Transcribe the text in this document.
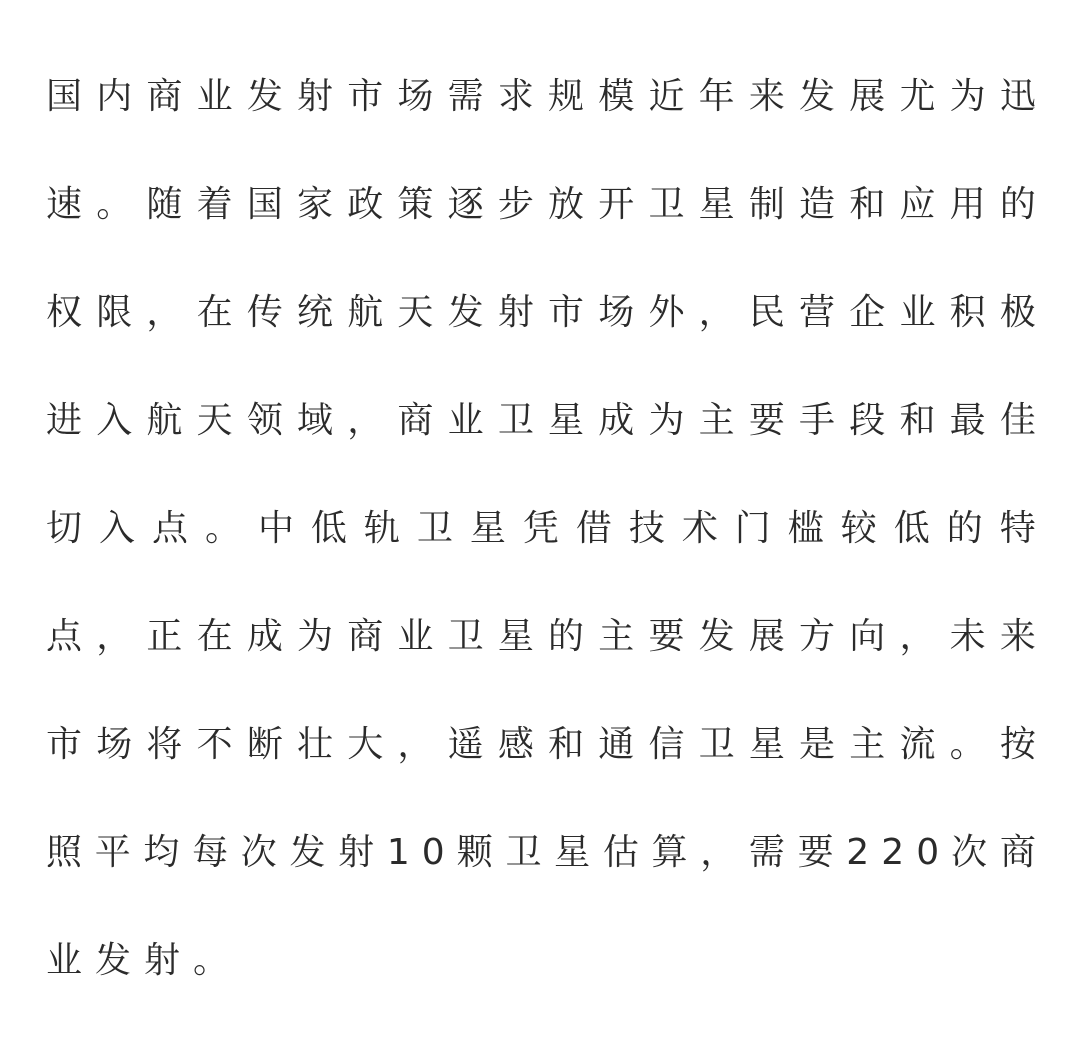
国 内 商 业 发 射 市 场 需 求 规 模 近 年 来 发 展 尤 为 迅

速 。 随 着 国 家 政 策 逐 步 放 开 卫 星 制 造 和 应 用 的

权 限 ， 在 传 统 航 天 发 射 市 场 外 ， 民 营 企 业 积 极

进 入 航 天 领 域 ， 商 业 卫 星 成 为 主 要 手 段 和 最 佳

切 入 点 。 中 低 轨 卫 星 凭 借 技 术 门 槛 较 低 的 特

点 ， 正 在 成 为 商 业 卫 星 的 主 要 发 展 方 向 ， 未 来

市 场 将 不 断 壮 大 ， 遥 感 和 通 信 卫 星 是 主 流 。 按

照 平 均 每 次 发 射 1 0 颗 卫 星 估 算 ， 需 要 2 2 0 次 商

业发射。
